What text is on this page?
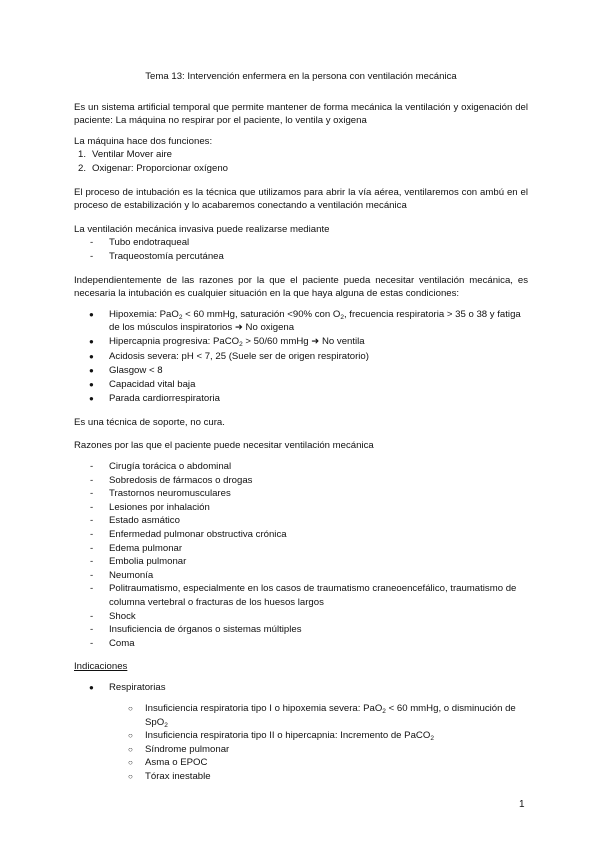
Tema 13: Intervención enfermera en la persona con ventilación mecánica

Es un sistema artificial temporal que permite mantener de forma mecánica la ventilación y oxigenación del paciente: La máquina no respirar por el paciente, lo ventila y oxigena

La máquina hace dos funciones:

1. Ventilar Mover aire
2. Oxigenar: Proporcionar oxígeno

El proceso de intubación es la técnica que utilizamos para abrir la vía aérea, ventilaremos con ambú en el proceso de estabilización y lo acabaremos conectando a ventilación mecánica

La ventilación mecánica invasiva puede realizarse mediante

- Tubo endotraqueal
- Traqueostomía percutánea

Independientemente de las razones por la que el paciente pueda necesitar ventilación mecánica, es necesaria la intubación es cualquier situación en la que haya alguna de estas condiciones:

● Hipoxemia: PaO$_2$ < 60 mmHg, saturación <90% con $O_2$, frecuencia respiratoria > 35 o 38 y fatiga de los músculos inspiratorios ➜ No oxigena
● Hipercapnia progresiva: PaCO$_2$ > 50/60 mmHg ➜ No ventila
● Acidosis severa: pH < 7, 25 (Suele ser de origen respiratorio)
● Glasgow < 8
● Capacidad vital baja
● Parada cardiorrespiratoria

Es una técnica de soporte, no cura.

Razones por las que el paciente puede necesitar ventilación mecánica

- Cirugía torácica o abdominal
- Sobredosis de fármacos o drogas
- Trastornos neuromusculares
- Lesiones por inhalación
- Estado asmático
- Enfermedad pulmonar obstructiva crónica
- Edema pulmonar
- Embolia pulmonar
- Neumonía
- Politraumatismo, especialmente en los casos de traumatismo craneoencefálico, traumatismo de columna vertebral o fracturas de los huesos largos
- Shock
- Insuficiencia de órganos o sistemas múltiples
- Coma

Indicaciones

● Respiratorias
○ Insuficiencia respiratoria tipo I o hipoxemia severa: PaO$_2$ < 60 mmHg, o disminución de SpO$_2$
○ Insuficiencia respiratoria tipo II o hipercapnia: Incremento de PaCO$_2$
○ Síndrome pulmonar
○ Asma o EPOC
○ Tórax inestable
1
